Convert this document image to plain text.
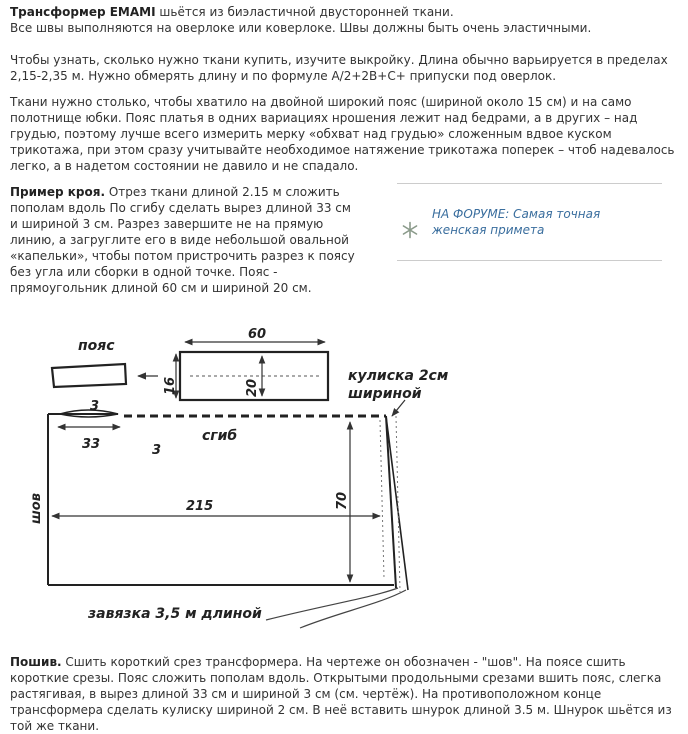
Трансформер EMAMI шьётся из биэластичной двусторонней ткани.
Все швы выполняются на оверлоке или коверлоке. Швы должны быть очень эластичными.

Чтобы узнать, сколько нужно ткани купить, изучите выкройку. Длина обычно варьируется в пределах 2,15-2,35 м. Нужно обмерять длину и по формуле А/2+2В+С+ припуски под оверлок.

Ткани нужно столько, чтобы хватило на двойной широкий пояс (шириной около 15 см) и на само полотнище юбки. Пояс платья в одних вариациях нрошения лежит над бедрами, а в других – над грудью, поэтому лучше всего измерить мерку «обхват над грудью» сложенным вдвое куском трикотажа, при этом сразу учитывайте необходимое натяжение трикотажа поперек – чтоб надевалось легко, а в надетом состоянии не давило и не спадало.

Пример кроя. Отрез ткани длиной 2.15 м сложить пополам вдоль По сгибу сделать вырез длиной 33 см и шириной 3 см. Разрез завершите не на прямую линию, а загруглите его в виде небольшой овальной «капельки», чтобы потом пристрочить разрез к поясу без угла или сборки в одной точке. Пояс - прямоугольник длиной 60 см и шириной 20 см.

НА ФОРУМЕ: Самая точная женская примета
пояс
60
16	20
кулиска 2см
шириной
3
33	3
сгиб
шов	215	70
завязка 3,5 м длиной

Пошив. Сшить короткий срез трансформера. На чертеже он обозначен - "шов". На поясе сшить короткие срезы. Пояс сложить пополам вдоль. Открытыми продольными срезами вшить пояс, слегка растягивая, в вырез длиной 33 см и шириной 3 см (см. чертёж). На противоположном конце трансформера сделать кулиску шириной 2 см. В неё вставить шнурок длиной 3.5 м. Шнурок шьётся из той же ткани.
